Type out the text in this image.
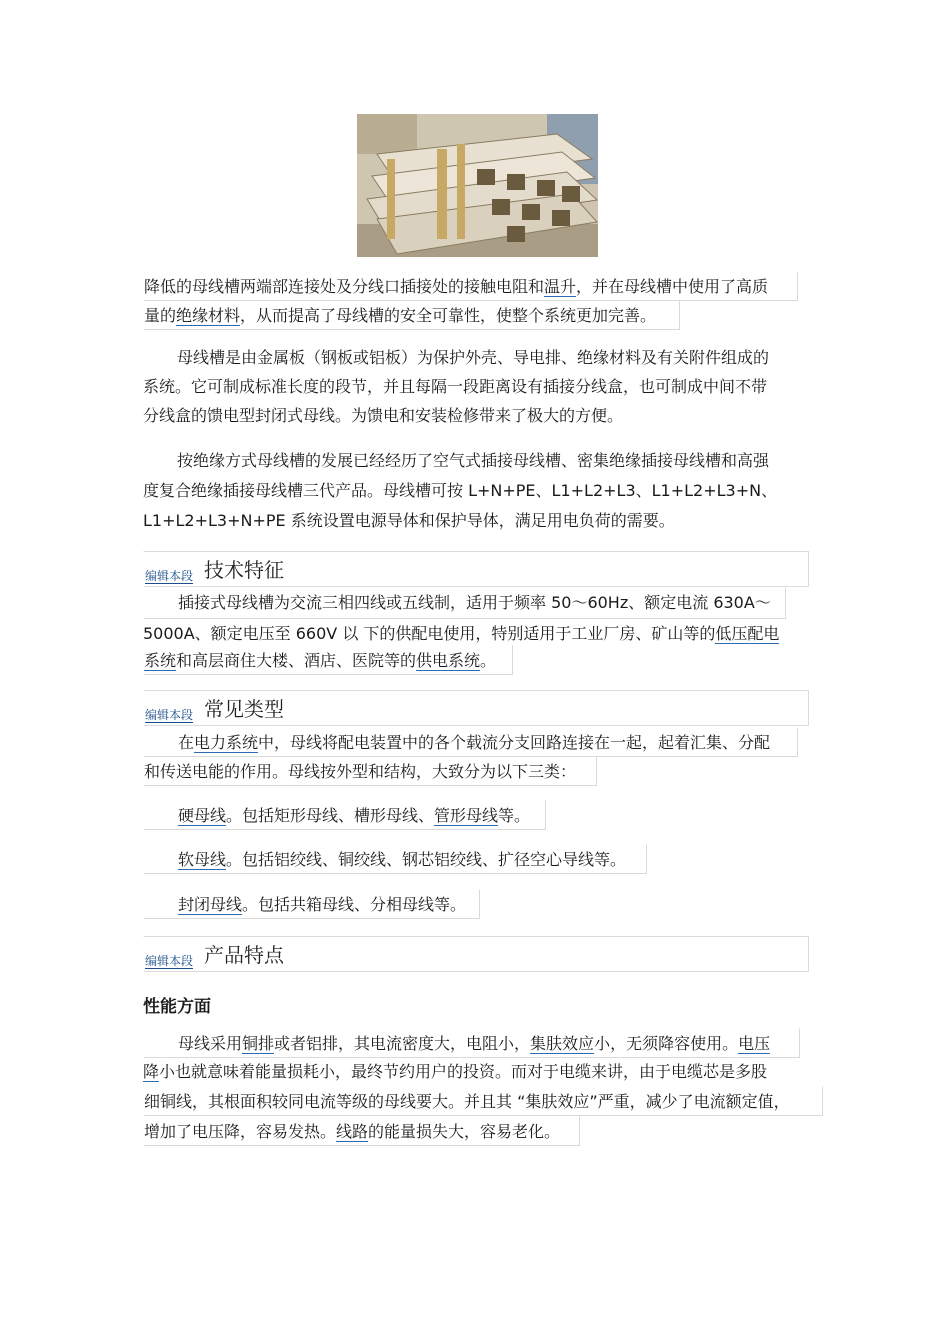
降低的母线槽两端部连接处及分线口插接处的接触电阻和温升，并在母线槽中使用了高质
量的绝缘材料，从而提高了母线槽的安全可靠性，使整个系统更加完善。
母线槽是由金属板（钢板或铝板）为保护外壳、导电排、绝缘材料及有关附件组成的
系统。它可制成标准长度的段节，并且每隔一段距离设有插接分线盒，也可制成中间不带
分线盒的馈电型封闭式母线。为馈电和安装检修带来了极大的方便。
按绝缘方式母线槽的发展已经经历了空气式插接母线槽、密集绝缘插接母线槽和高强
度复合绝缘插接母线槽三代产品。母线槽可按 L+N+PE、L1+L2+L3、L1+L2+L3+N、
L1+L2+L3+N+PE 系统设置电源导体和保护导体，满足用电负荷的需要。
编辑本段 技术特征
插接式母线槽为交流三相四线或五线制，适用于频率 50～60Hz、额定电流 630A～
5000A、额定电压至 660V 以 下的供配电使用，特别适用于工业厂房、矿山等的低压配电
系统和高层商住大楼、酒店、医院等的供电系统。
编辑本段 常见类型
在电力系统中，母线将配电装置中的各个载流分支回路连接在一起，起着汇集、分配
和传送电能的作用。母线按外型和结构，大致分为以下三类：
硬母线。包括矩形母线、槽形母线、管形母线等。
软母线。包括铝绞线、铜绞线、钢芯铝绞线、扩径空心导线等。
封闭母线。包括共箱母线、分相母线等。
编辑本段 产品特点
性能方面
母线采用铜排或者铝排，其电流密度大，电阻小，集肤效应小，无须降容使用。电压
降小也就意味着能量损耗小，最终节约用户的投资。而对于电缆来讲，由于电缆芯是多股
细铜线，其根面积较同电流等级的母线要大。并且其 “集肤效应”严重，减少了电流额定值，
增加了电压降，容易发热。线路的能量损失大，容易老化。
